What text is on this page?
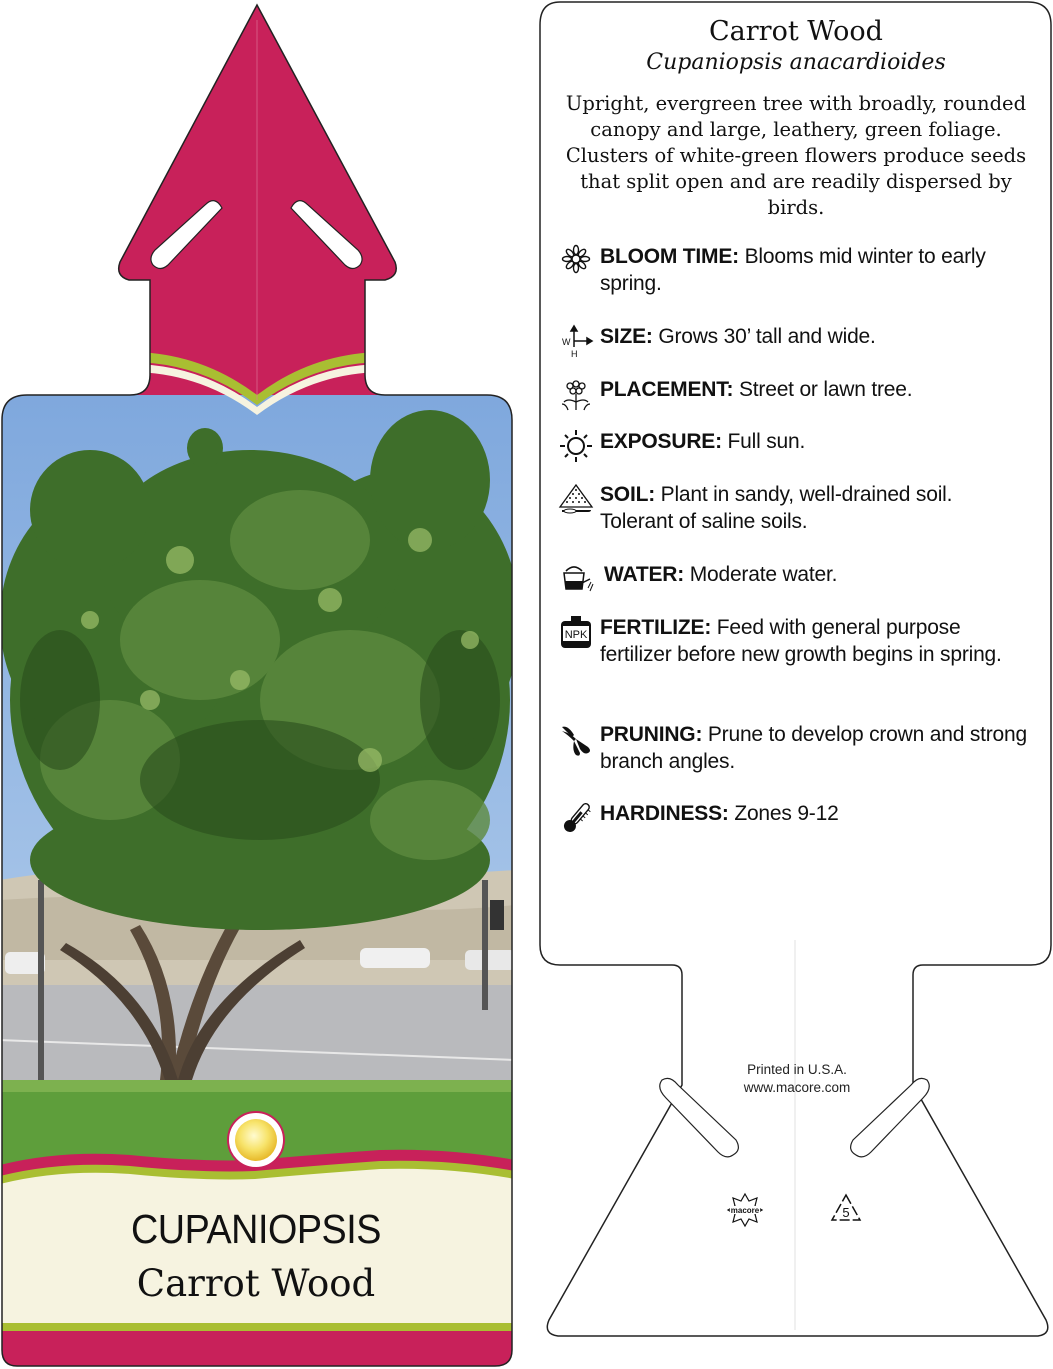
CUPANIOPSIS
Carrot Wood
macore	5
Carrot Wood
Cupaniopsis anacardioides
Upright, evergreen tree with broadly, rounded canopy and large, leathery, green foliage. Clusters of white-green flowers produce seeds that split open and are readily dispersed by birds.
BLOOM TIME: Blooms mid winter to early spring.
W
H
SIZE: Grows 30’ tall and wide.
PLACEMENT: Street or lawn tree.
EXPOSURE: Full sun.
SOIL: Plant in sandy, well-drained soil. Tolerant of saline soils.
WATER: Moderate water.
NPK FERTILIZE: Feed with general purpose fertilizer before new growth begins in spring.
PRUNING: Prune to develop crown and strong branch angles.
HARDINESS: Zones 9-12
Printed in U.S.A.
www.macore.com
